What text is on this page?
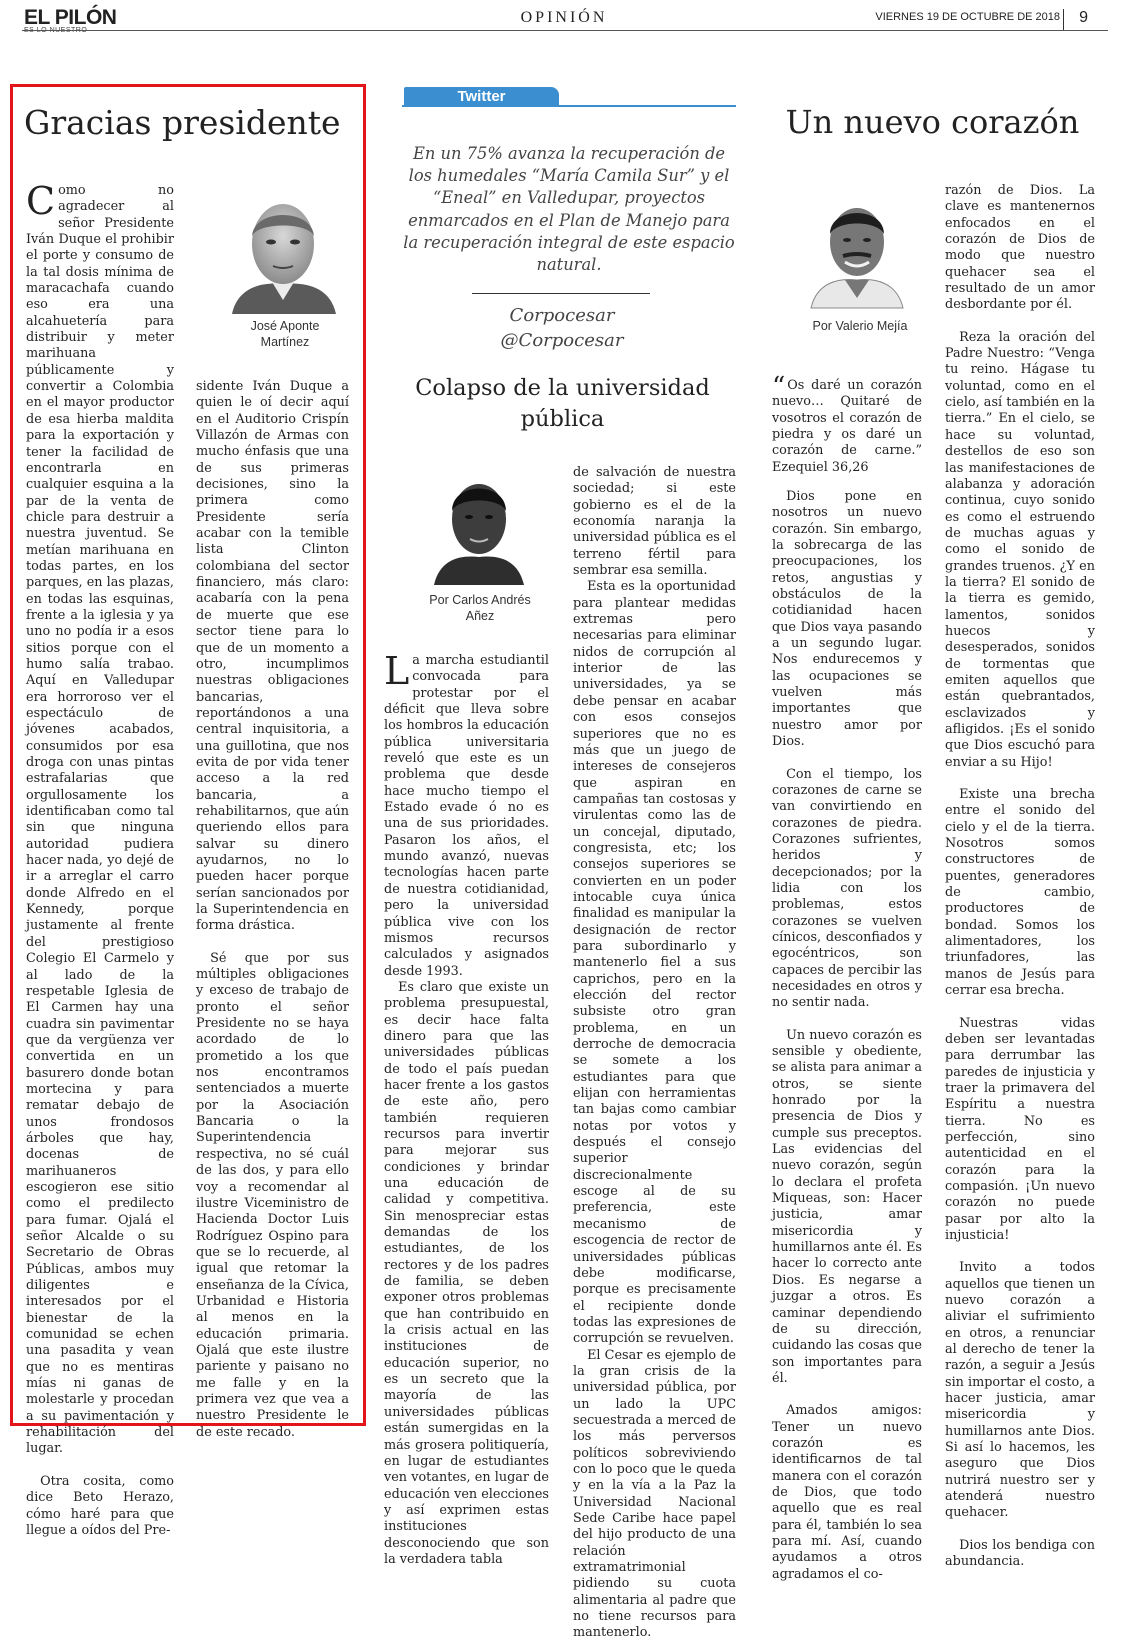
EL PILÓN	OPINIÓN	VIERNES 19 DE OCTUBRE DE 2018 9
Gracias presidente
José Aponte
Martínez

Como no agradecer al señor Presidente Iván Duque el prohibir el porte y consumo de la tal dosis mínima de maracachafa cuando eso era una alcahuetería para distribuir y meter marihuana públicamente y convertir a Colombia en el mayor productor de esa hierba maldita para la exportación y tener la facilidad de encontrarla en cualquier esquina a la par de la venta de chicle para destruir a nuestra juventud. Se metían marihuana en todas partes, en los parques, en las plazas, en todas las esquinas, frente a la iglesia y ya uno no podía ir a esos sitios porque con el humo salía trabao. Aquí en Valledupar era horroroso ver el espectáculo de jóvenes acabados, consumidos por esa droga con unas pintas estrafalarias que orgullosamente los identificaban como tal sin que ninguna autoridad pudiera hacer nada, yo dejé de ir a arreglar el carro donde Alfredo en el Kennedy, porque justamente al frente del prestigioso Colegio El Carmelo y al lado de la respetable Iglesia de El Carmen hay una cuadra sin pavimentar que da vergüenza ver convertida en un basurero donde botan mortecina y para rematar debajo de unos frondosos árboles que hay, docenas de marihuaneros escogieron ese sitio como el predilecto para fumar. Ojalá el señor Alcalde o su Secretario de Obras Públicas, ambos muy diligentes e interesados por el bienestar de la comunidad se echen una pasadita y vean que no es mentiras mías ni ganas de molestarle y procedan a su pavimentación y rehabilitación del lugar.

Otra cosita, como dice Beto Herazo, cómo haré para que llegue a oídos del Pre-

sidente Iván Duque a quien le oí decir aquí en el Auditorio Crispín Villazón de Armas con mucho énfasis que una de sus primeras decisiones, sino la primera como Presidente sería acabar con la temible lista Clinton colombiana del sector financiero, más claro: acabaría con la pena de muerte que ese sector tiene para lo que de un momento a otro, incumplimos nuestras obligaciones bancarias, reportándonos a una central inquisitoria, a una guillotina, que nos evita de por vida tener acceso a la red bancaria, a rehabilitarnos, que aún queriendo ellos para salvar su dinero ayudarnos, no lo pueden hacer porque serían sancionados por la Superintendencia en forma drástica.

Sé que por sus múltiples obligaciones y exceso de trabajo de pronto el señor Presidente no se haya acordado de lo prometido a los que nos encontramos sentenciados a muerte por la Asociación Bancaria o la Superintendencia respectiva, no sé cuál de las dos, y para ello voy a recomendar al ilustre Viceministro de Hacienda Doctor Luis Rodríguez Ospino para que se lo recuerde, al igual que retomar la enseñanza de la Cívica, Urbanidad e Historia al menos en la educación primaria. Ojalá que este ilustre pariente y paisano no me falle y en la primera vez que vea a nuestro Presidente le de este recado.

Twitter
En un 75% avanza la recuperación de los humedales “María Camila Sur” y el “Eneal” en Valledupar, proyectos enmarcados en el Plan de Manejo para la recuperación integral de este espacio natural.
Corpocesar
@Corpocesar
Colapso de la universidad pública
Por Carlos Andrés
Añez

La marcha estudiantil convocada para protestar por el déficit que lleva sobre los hombros la educación pública universitaria reveló que este es un problema que desde hace mucho tiempo el Estado evade ó no es una de sus prioridades. Pasaron los años, el mundo avanzó, nuevas tecnologías hacen parte de nuestra cotidianidad, pero la universidad pública vive con los mismos recursos calculados y asignados desde 1993.

Es claro que existe un problema presupuestal, es decir hace falta dinero para que las universidades públicas de todo el país puedan hacer frente a los gastos de este año, pero también requieren recursos para invertir para mejorar sus condiciones y brindar una educación de calidad y competitiva. Sin menospreciar estas demandas de los estudiantes, de los rectores y de los padres de familia, se deben exponer otros problemas que han contribuido en la crisis actual en las instituciones de educación superior, no es un secreto que la mayoría de las universidades públicas están sumergidas en la más grosera politiquería, en lugar de estudiantes ven votantes, en lugar de educación ven elecciones y así exprimen estas instituciones desconociendo que son la verdadera tabla

de salvación de nuestra sociedad; si este gobierno es el de la economía naranja la universidad pública es el terreno fértil para sembrar esa semilla.

Esta es la oportunidad para plantear medidas extremas pero necesarias para eliminar nidos de corrupción al interior de las universidades, ya se debe pensar en acabar con esos consejos superiores que no es más que un juego de intereses de consejeros que aspiran en campañas tan costosas y virulentas como las de un concejal, diputado, congresista, etc; los consejos superiores se convierten en un poder intocable cuya única finalidad es manipular la designación de rector para subordinarlo y mantenerlo fiel a sus caprichos, pero en la elección del rector subsiste otro gran problema, en un derroche de democracia se somete a los estudiantes para que elijan con herramientas tan bajas como cambiar notas por votos y después el consejo superior discrecionalmente escoge al de su preferencia, este mecanismo de escogencia de rector de universidades públicas debe modificarse, porque es precisamente el recipiente donde todas las expresiones de corrupción se revuelven.

El Cesar es ejemplo de la gran crisis de la universidad pública, por un lado la UPC secuestrada a merced de los más perversos políticos sobreviviendo con lo poco que le queda y en la vía a la Paz la Universidad Nacional Sede Caribe hace papel del hijo producto de una relación extramatrimonial pidiendo su cuota alimentaria al padre que no tiene recursos para mantenerlo.

Un nuevo corazón
Por Valerio Mejía
“ Os daré un corazón nuevo… Quitaré de vosotros el corazón de piedra y os daré un corazón de carne.” Ezequiel 36,26

Dios pone en nosotros un nuevo corazón. Sin embargo, la sobrecarga de las preocupaciones, los retos, angustias y obstáculos de la cotidianidad hacen que Dios vaya pasando a un segundo lugar. Nos endurecemos y las ocupaciones se vuelven más importantes que nuestro amor por Dios.

Con el tiempo, los corazones de carne se van convirtiendo en corazones de piedra. Corazones sufrientes, heridos y decepcionados; por la lidia con los problemas, estos corazones se vuelven cínicos, desconfiados y egocéntricos, son capaces de percibir las necesidades en otros y no sentir nada.

Un nuevo corazón es sensible y obediente, se alista para animar a otros, se siente honrado por la presencia de Dios y cumple sus preceptos. Las evidencias del nuevo corazón, según lo declara el profeta Miqueas, son: Hacer justicia, amar misericordia y humillarnos ante él. Es hacer lo correcto ante Dios. Es negarse a juzgar a otros. Es caminar dependiendo de su dirección, cuidando las cosas que son importantes para él.

Amados amigos: Tener un nuevo corazón es identificarnos de tal manera con el corazón de Dios, que todo aquello que es real para él, también lo sea para mí. Así, cuando ayudamos a otros agradamos el co-

razón de Dios. La clave es mantenernos enfocados en el corazón de Dios de modo que nuestro quehacer sea el resultado de un amor desbordante por él.

Reza la oración del Padre Nuestro: “Venga tu reino. Hágase tu voluntad, como en el cielo, así también en la tierra.” En el cielo, se hace su voluntad, destellos de eso son las manifestaciones de alabanza y adoración continua, cuyo sonido es como el estruendo de muchas aguas y como el sonido de grandes truenos. ¿Y en la tierra? El sonido de la tierra es gemido, lamentos, sonidos huecos y desesperados, sonidos de tormentas que emiten aquellos que están quebrantados, esclavizados y afligidos. ¡Es el sonido que Dios escuchó para enviar a su Hijo!

Existe una brecha entre el sonido del cielo y el de la tierra. Nosotros somos constructores de puentes, generadores de cambio, productores de bondad. Somos los alimentadores, los triunfadores, las manos de Jesús para cerrar esa brecha.

Nuestras vidas deben ser levantadas para derrumbar las paredes de injusticia y traer la primavera del Espíritu a nuestra tierra. No es perfección, sino autenticidad en el corazón para la compasión. ¡Un nuevo corazón no puede pasar por alto la injusticia!

Invito a todos aquellos que tienen un nuevo corazón a aliviar el sufrimiento en otros, a renunciar al derecho de tener la razón, a seguir a Jesús sin importar el costo, a hacer justicia, amar misericordia y humillarnos ante Dios. Si así lo hacemos, les aseguro que Dios nutrirá nuestro ser y atenderá nuestro quehacer.

Dios los bendiga con abundancia.
